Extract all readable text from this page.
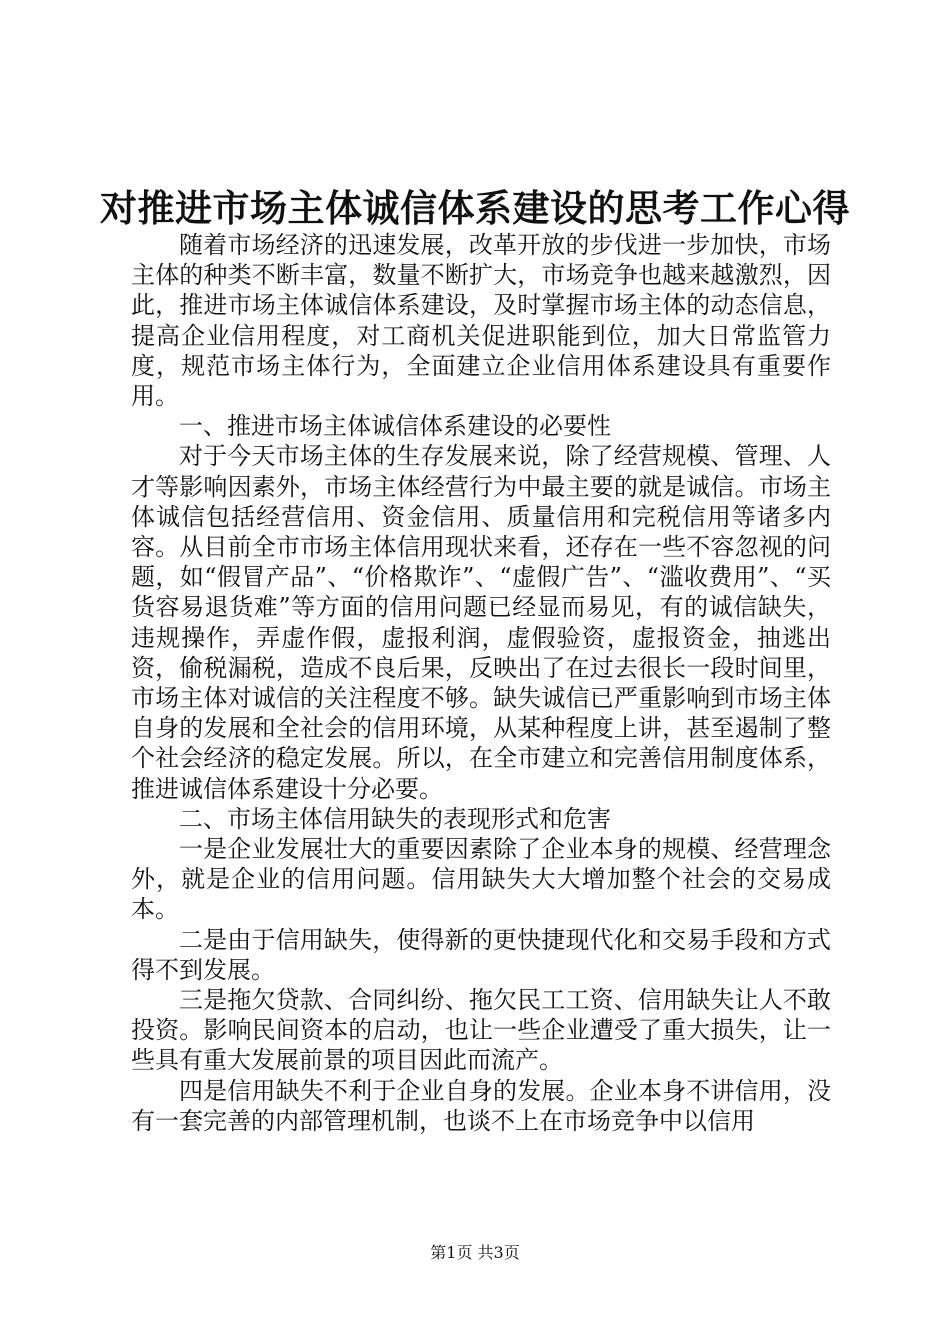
对推进市场主体诚信体系建设的思考工作心得

随着市场经济的迅速发展，改革开放的步伐进一步加快，市场主体的种类不断丰富，数量不断扩大，市场竞争也越来越激烈，因此，推进市场主体诚信体系建设，及时掌握市场主体的动态信息，提高企业信用程度，对工商机关促进职能到位，加大日常监管力度，规范市场主体行为，全面建立企业信用体系建设具有重要作用。

一、推进市场主体诚信体系建设的必要性

对于今天市场主体的生存发展来说，除了经营规模、管理、人才等影响因素外，市场主体经营行为中最主要的就是诚信。市场主体诚信包括经营信用、资金信用、质量信用和完税信用等诸多内容。从目前全市市场主体信用现状来看，还存在一些不容忽视的问题，如“假冒产品”、“价格欺诈”、“虚假广告”、“滥收费用”、“买货容易退货难”等方面的信用问题已经显而易见，有的诚信缺失，违规操作，弄虚作假，虚报利润，虚假验资，虚报资金，抽逃出资，偷税漏税，造成不良后果，反映出了在过去很长一段时间里，市场主体对诚信的关注程度不够。缺失诚信已严重影响到市场主体自身的发展和全社会的信用环境，从某种程度上讲，甚至遏制了整个社会经济的稳定发展。所以，在全市建立和完善信用制度体系，推进诚信体系建设十分必要。

二、市场主体信用缺失的表现形式和危害

一是企业发展壮大的重要因素除了企业本身的规模、经营理念外，就是企业的信用问题。信用缺失大大增加整个社会的交易成本。

二是由于信用缺失，使得新的更快捷现代化和交易手段和方式得不到发展。

三是拖欠贷款、合同纠纷、拖欠民工工资、信用缺失让人不敢投资。影响民间资本的启动，也让一些企业遭受了重大损失，让一些具有重大发展前景的项目因此而流产。

四是信用缺失不利于企业自身的发展。企业本身不讲信用，没有一套完善的内部管理机制，也谈不上在市场竞争中以信用

第1页 共3页
